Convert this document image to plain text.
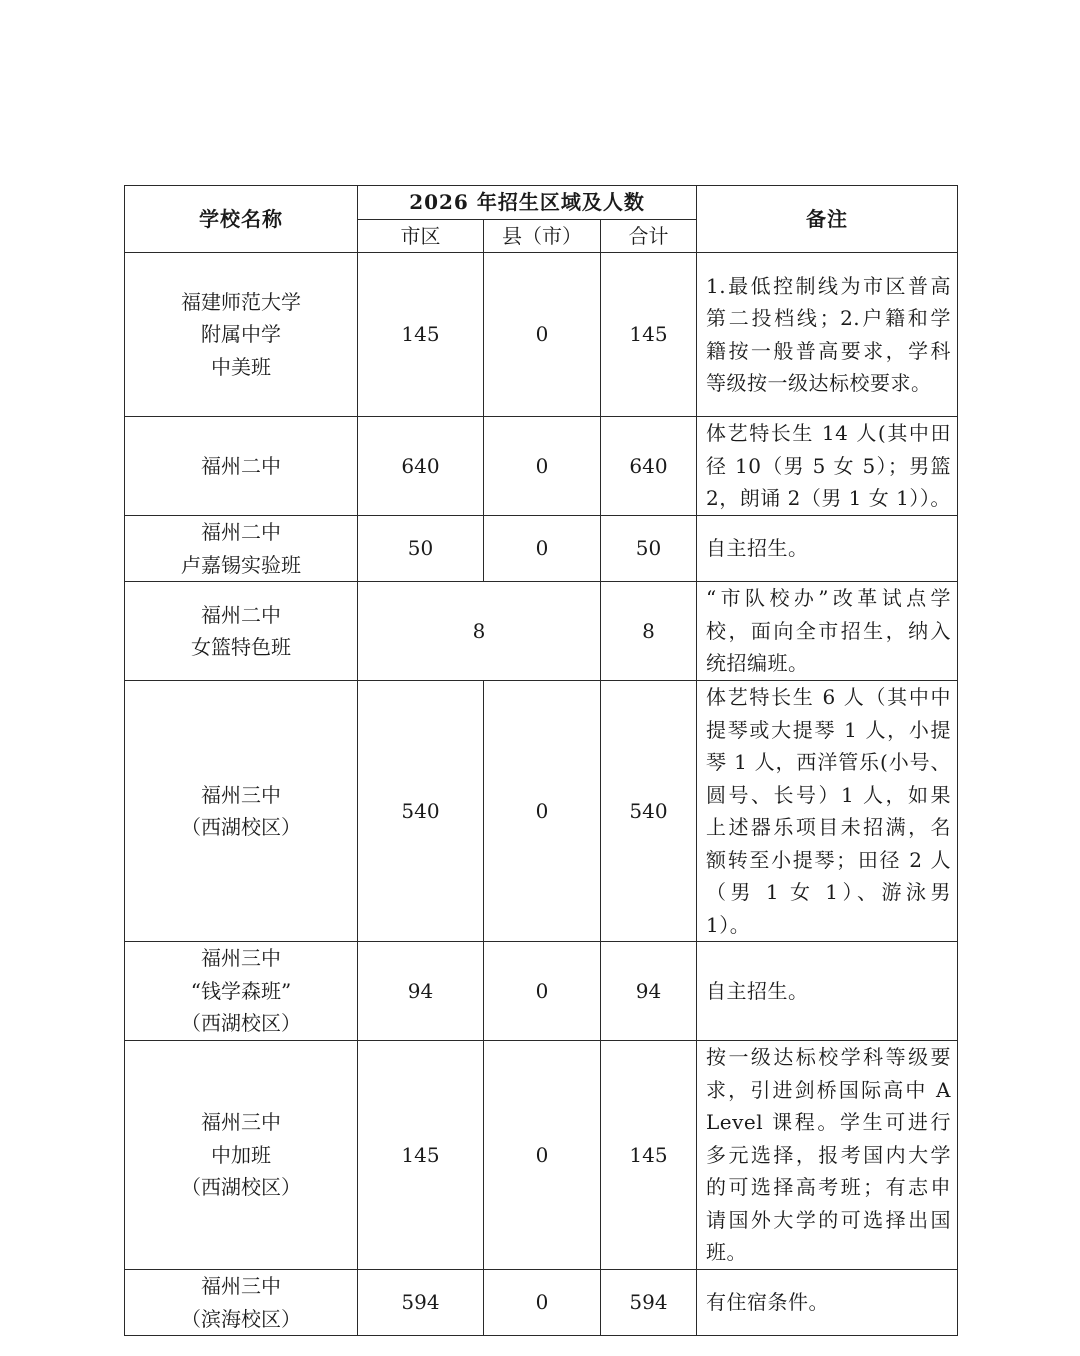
学校名称	2026 年招生区域及人数			备注
	市区	县（市）	合计	

福建师范大学
附属中学
中美班	145	0	145	1.最低控制线为市区普高第二投档线；2.户籍和学籍按一般普高要求，学科等级按一级达标校要求。

福州二中	640	0	640	体艺特长生 14 人(其中田径 10（男 5 女 5）；男篮 2，朗诵 2（男 1 女 1））。

福州二中
卢嘉锡实验班	50	0	50	自主招生。

福州二中
女篮特色班	8		8	“市队校办”改革试点学校，面向全市招生，纳入统招编班。

福州三中
（西湖校区）	540	0	540	体艺特长生 6 人（其中中提琴或大提琴 1 人，小提琴 1 人，西洋管乐(小号、圆号、长号）1 人，如果上述器乐项目未招满，名额转至小提琴；田径 2 人（男 1 女 1）、游泳男 1）。

福州三中
“钱学森班”
（西湖校区）	94	0	94	自主招生。

福州三中
中加班
（西湖校区）	145	0	145	按一级达标校学科等级要求，引进剑桥国际高中 A Level 课程。学生可进行多元选择，报考国内大学的可选择高考班；有志申请国外大学的可选择出国班。

福州三中
（滨海校区）	594	0	594	有住宿条件。
